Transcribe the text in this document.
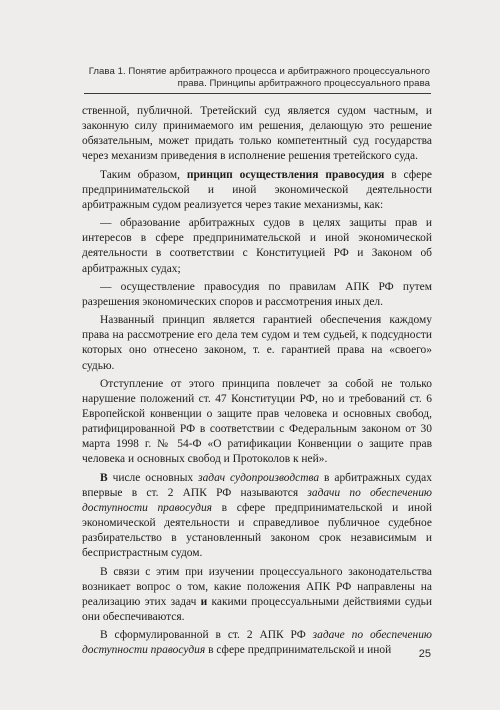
Глава 1. Понятие арбитражного процесса и арбитражного процессуального
права. Принципы арбитражного процессуального права

ственной, публичной. Третейский суд является судом частным, и законную силу принимаемого им решения, делающую это решение обязательным, может придать только компетентный суд государства через механизм приведения в исполнение решения третейского суда.

Таким образом, принцип осуществления правосудия в сфере предпринимательской и иной экономической деятельности арбитражным судом реализуется через такие механизмы, как:

— образование арбитражных судов в целях защиты прав и интересов в сфере предпринимательской и иной экономической деятельности в соответствии с Конституцией РФ и Законом об арбитражных судах;

— осуществление правосудия по правилам АПК РФ путем разрешения экономических споров и рассмотрения иных дел.

Названный принцип является гарантией обеспечения каждому права на рассмотрение его дела тем судом и тем судьей, к подсудности которых оно отнесено законом, т. е. гарантией права на «своего» судью.

Отступление от этого принципа повлечет за собой не только нарушение положений ст. 47 Конституции РФ, но и требований ст. 6 Европейской конвенции о защите прав человека и основных свобод, ратифицированной РФ в соответствии с Федеральным законом от 30 марта 1998 г. № 54-Ф «О ратификации Конвенции о защите прав человека и основных свобод и Протоколов к ней».

В числе основных задач судопроизводства в арбитражных судах впервые в ст. 2 АПК РФ называются задачи по обеспечению доступности правосудия в сфере предпринимательской и иной экономической деятельности и справедливое публичное судебное разбирательство в установленный законом срок независимым и беспристрастным судом.

В связи с этим при изучении процессуального законодательства возникает вопрос о том, какие положения АПК РФ направлены на реализацию этих задач и какими процессуальными действиями судьи они обеспечиваются.

В сформулированной в ст. 2 АПК РФ задаче по обеспечению доступности правосудия в сфере предпринимательской и иной	25
